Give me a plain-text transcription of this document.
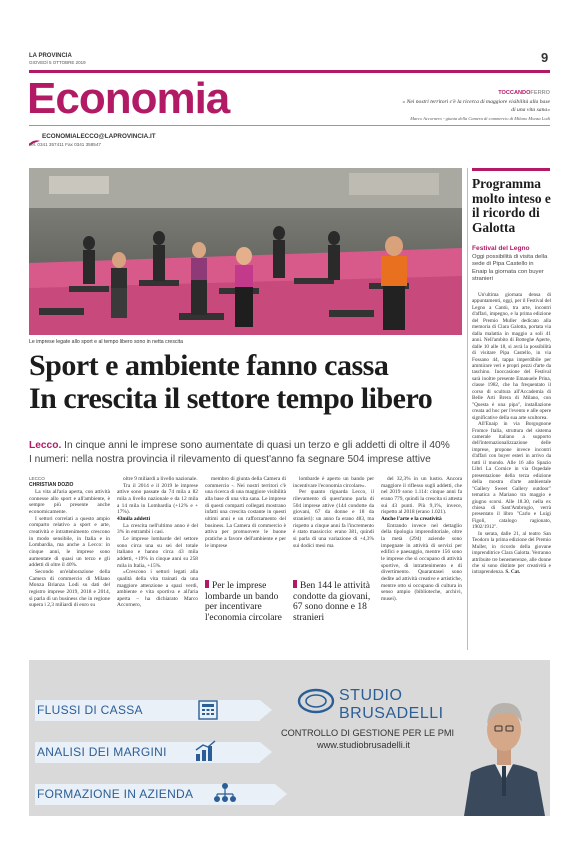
LA PROVINCIA
GIOVEDÌ 5 OTTOBRE 2019	9
Economia
ECONOMIALECCO@LAPROVINCIA.IT
Tel. 0341 357411 Fax 0341 358547
TOCCANDOFERRO
« Nei nostri territori c'è la ricerca di maggiore visibilità alla base di una vita sana»
Marco Accornero - giunta della Camera di commercio di Milano Monza Lodi
Le imprese legate allo sport e al tempo libero sono in netta crescita
Sport e ambiente fanno cassa
In crescita il settore tempo libero
Lecco. In cinque anni le imprese sono aumentate di quasi un terzo e gli addetti di oltre il 40%
I numeri: nella nostra provincia il rilevamento di quest'anno fa segnare 504 imprese attive
LECCO
CHRISTIAN DOZIO

La vita all'aria aperta, con attività connesse allo sport e all'ambiente, è sempre più presente anche economicamente.

I settori correlati a questo ampio comparto relativo a sport e arte, creatività e intrattenimento crescono in modo sensibile, in Italia e in Lombardia, ma anche a Lecco: in cinque anni, le imprese sono aumentate di quasi un terzo e gli addetti di oltre il 40%.

Secondo un'elaborazione della Camera di commercio di Milano Monza Brianza Lodi su dati del registro imprese 2019, 2018 e 2014, si parla di un business che in regione supera i 2,3 miliardi di euro su

oltre 9 miliardi a livello nazionale.

Tra il 2014 e il 2019 le imprese attive sono passate da 74 mila a 82 mila a livello nazionale e da 12 mila a 14 mila in Lombardia (+12% e + 17%).

43mila addetti

La crescita nell'ultimo anno è del 3% in entrambi i casi.

Le imprese lombarde del settore sono circa una su sei del totale italiano e hanno circa 43 mila addetti, +19% in cinque anni su 258 mila in Italia, +15%.

«Crescono i settori legati alla qualità della vita trainati da una maggiore attenzione a spazi verdi, ambiente e vita sportiva e all'aria aperta – ha dichiarato Marco Accornero,

membro di giunta della Camera di commercio -. Nei nostri territori c'è una ricerca di una maggiore visibilità alla base di una vita sana. Le imprese di questi comparti collegati mostrano infatti una crescita costante in questi ultimi anni e un rafforzamento del business. La Camera di commercio è attiva per promuovere le buone pratiche a favore dell'ambiente e per le imprese

Per le imprese lombarde un bando per incentivare l'economia circolare

lombarde è aperto un bando per incentivare l'economia circolare».

Per quanto riguarda Lecco, il rilevamento di quest'anno parla di 504 imprese attive (144 condotte da giovani, 67 da donne e 18 da stranieri): un anno fa erano 483, ma rispetto a cinque anni fa l'incremento è stato massiccio: erano 381, quindi si parla di una variazione di +4,3% sui dodici mesi ma

Ben 144 le attività condotte da giovani, 67 sono donne e 18 stranieri

del 32,3% in un lustro. Ancora maggiore il riflesso sugli addetti, che nel 2019 sono 1.114: cinque anni fa erano 779, quindi la crescita si attesta sui 43 punti. Più 9,1%, invece, rispetto al 2018 (erano 1.021).

Anche l'arte e la creatività

Entrando invece nel dettaglio della tipologia imprenditoriale, oltre la metà (294) aziende sono impegnate in attività di servizi per edifici e paesaggio, mentre 156 sono le imprese che si occupano di attività sportive, di intrattenimento e di divertimento. Quarantasei sono dedite ad attività creative e artistiche, mentre otto si occupano di cultura in senso ampio (biblioteche, archivi, musei).

Programma molto inteso e il ricordo di Galotta
Festival del Legno
Oggi possibilità di visita della sede di Pipa Castello in Enaip la giornata con buyer stranieri

Un'ultima giornata densa di appuntamenti, oggi, per il Festival del Legno a Cantù, tra arte, incontri d'affari, impegno, e la prima edizione del Premio Muller dedicato alla memoria di Clara Galotta, portata via dalla malattia in maggio a soli 41 anni. Nell'ambito di Botteghe Aperte, dalle 10 alle 18, si avrà la possibilità di visitare Pipa Castello, in via Fossano 44, tappa imperdibile per ammirare veri e propri pezzi d'arte da taschino. Inoccasione del Festival sarà inoltre presente Emanuele Prina, classe 1982, che ha frequentato il corso di scultura all'Accademia di Belle Arti Brera di Milano, con "Questa è una pipa", installazione creata ad hoc per l'evento e alle opere significative della sua arte scultorea.

All'Enaip in via Borgognone Fromce Italia, struttura del sistema camerale italiano a supporto dell'internazionalizzazione delle imprese, propone invece incontri d'affari con buyer esteri in arrivo da tutti il mondo. Alle 16 allo Spazio Libri La Cornice in via Ospedale presentazione della terza edizione della mostra d'arte ambientale "Gallery Sweet Gallery outdoor" tematica a Mariano tra maggio e giugno scorsi. Alle 18.30, nella ex chiesa di Sant'Ambrogio, verrà presentato il libro "Carlo e Luigi Figoli, catalogo ragionato, 1902/1912".

In serata, dalle 21, al teatro San Teodoro la prima edizione del Premio Muller, in ricordo della giovane imprenditrice Clara Galotta. Verranno attribuite tre benemerenze, alle donne che si sono distinte per creatività e intraprendenza. S. Cat.

FLUSSI DI CASSA
ANALISI DEI MARGINI
FORMAZIONE IN AZIENDA
STUDIO
BRUSADELLI
CONTROLLO DI GESTIONE PER LE PMI
www.studiobrusadelli.it
